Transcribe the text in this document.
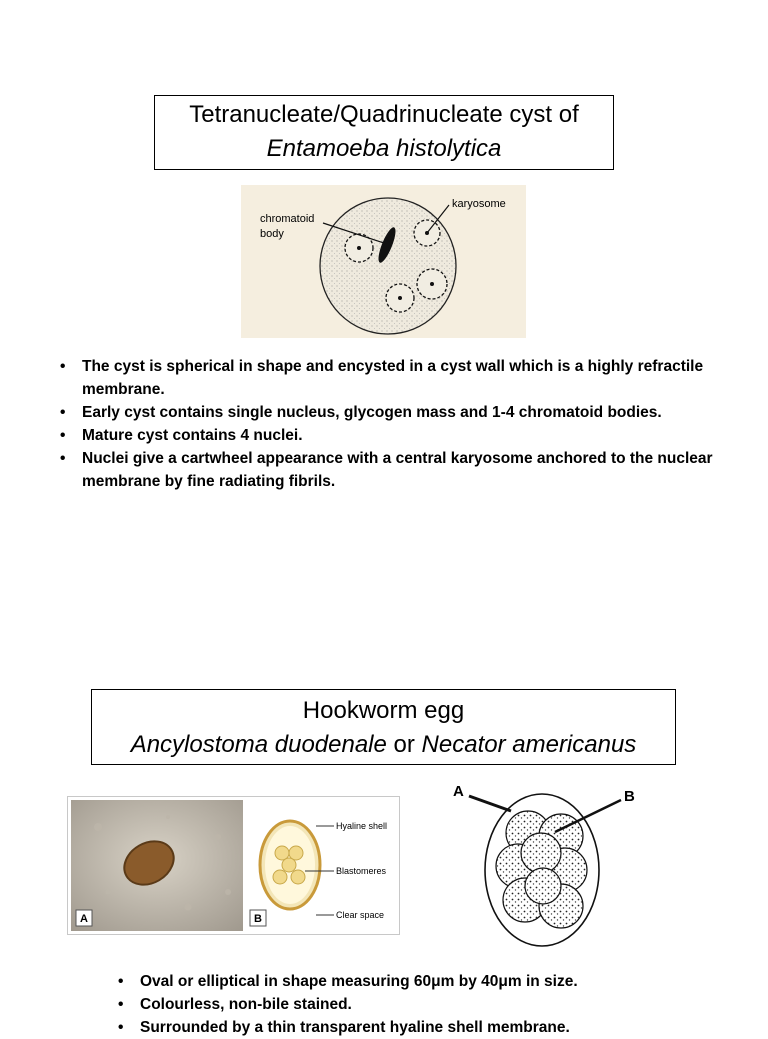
Tetranucleate/Quadrinucleate cyst of
Entamoeba histolytica
karyosome
chromatoid
body
• The cyst is spherical in shape and encysted in a cyst wall which is a highly refractile membrane.
• Early cyst contains single nucleus, glycogen mass and 1-4 chromatoid bodies.
• Mature cyst contains 4 nuclei.
• Nuclei give a cartwheel appearance with a central karyosome anchored to the nuclear membrane by fine radiating fibrils.
Hookworm egg
Ancylostoma duodenale or Necator americanus
A
Hyaline shell
Blastomeres
Clear space
B
A	B
• Oval or elliptical in shape measuring 60μm by 40μm in size.
• Colourless, non-bile stained.
• Surrounded by a thin transparent hyaline shell membrane.
